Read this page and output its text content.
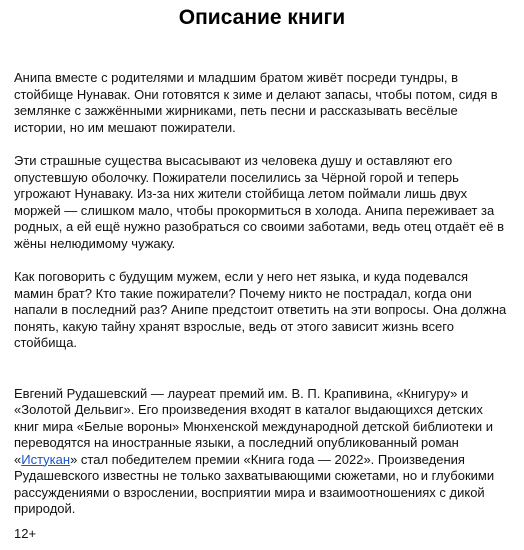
Описание книги

Анипа вместе с родителями и младшим братом живёт посреди тундры, в стойбище Нунавак. Они готовятся к зиме и делают запасы, чтобы потом, сидя в землянке с зажжёнными жирниками, петь песни и рассказывать весёлые истории, но им мешают пожиратели.

Эти страшные существа высасывают из человека душу и оставляют его опустевшую оболочку. Пожиратели поселились за Чёрной горой и теперь угрожают Нунаваку. Из-за них жители стойбища летом поймали лишь двух моржей — слишком мало, чтобы прокормиться в холода. Анипа переживает за родных, а ей ещё нужно разобраться со своими заботами, ведь отец отдаёт её в жёны нелюдимому чужаку.

Как поговорить с будущим мужем, если у него нет языка, и куда подевался мамин брат? Кто такие пожиратели? Почему никто не пострадал, когда они напали в последний раз? Анипе предстоит ответить на эти вопросы. Она должна понять, какую тайну хранят взрослые, ведь от этого зависит жизнь всего стойбища.

Евгений Рудашевский — лауреат премий им. В. П. Крапивина, «Книгуру» и «Золотой Дельвиг». Его произведения входят в каталог выдающихся детских книг мира «Белые вороны» Мюнхенской международной детской библиотеки и переводятся на иностранные языки, а последний опубликованный роман «Истукан» стал победителем премии «Книга года — 2022». Произведения Рудашевского известны не только захватывающими сюжетами, но и глубокими рассуждениями о взрослении, восприятии мира и взаимоотношениях с дикой природой.

12+
